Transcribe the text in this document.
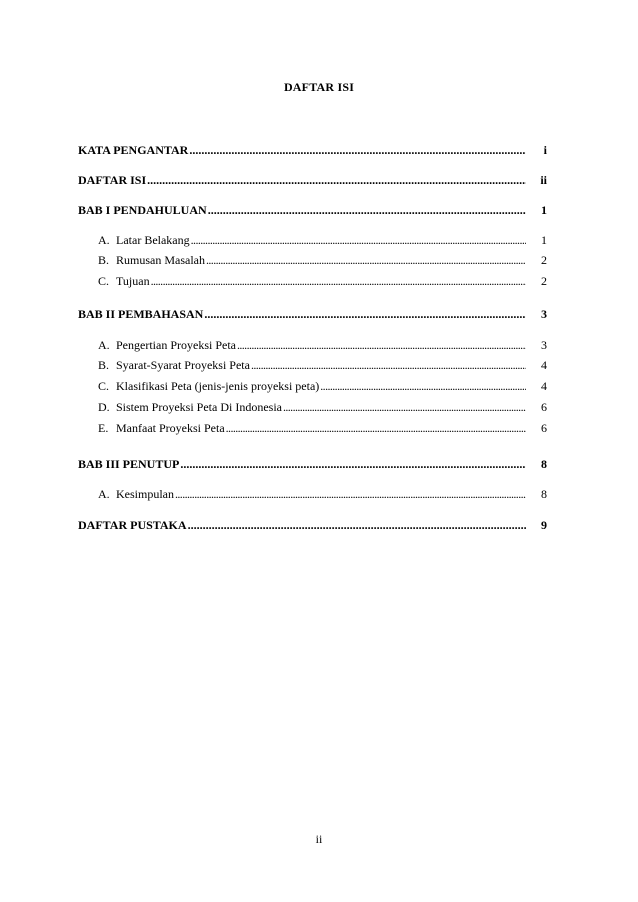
DAFTAR ISI
KATA PENGANTAR .....	i
DAFTAR ISI .....	ii
BAB I PENDAHULUAN .....	1
A. Latar Belakang .....	1
B. Rumusan Masalah .....	2
C. Tujuan .....	2
BAB II PEMBAHASAN .....	3
A. Pengertian Proyeksi Peta .....	3
B. Syarat-Syarat Proyeksi Peta .....	4
C. Klasifikasi Peta (jenis-jenis proyeksi peta) .....	4
D. Sistem Proyeksi Peta Di Indonesia .....	6
E. Manfaat Proyeksi Peta .....	6
BAB III PENUTUP .....	8
A. Kesimpulan .....	8
DAFTAR PUSTAKA .....	9
ii
